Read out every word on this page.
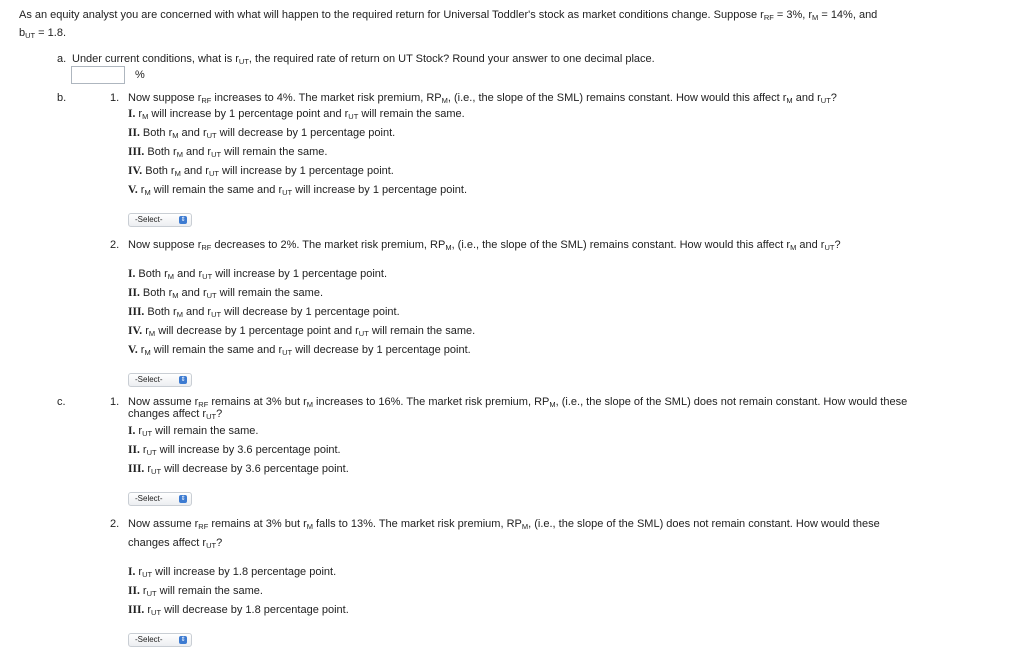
As an equity analyst you are concerned with what will happen to the required return for Universal Toddler's stock as market conditions change. Suppose $r_{RF} = 3\%$, $r_M = 14\%$, and
$b_{UT} = 1.8$.
a. Under current conditions, what is $r_{UT}$, the required rate of return on UT Stock? Round your answer to one decimal place.
%
b.	1. Now suppose $r_{RF}$ increases to 4%. The market risk premium, $RP_M$, (i.e., the slope of the SML) remains constant. How would this affect $r_M$ and $r_{UT}$?
I. $r_M$ will increase by 1 percentage point and $r_{UT}$ will remain the same.
II. Both $r_M$ and $r_{UT}$ will decrease by 1 percentage point.
III. Both $r_M$ and $r_{UT}$ will remain the same.
IV. Both $r_M$ and $r_{UT}$ will increase by 1 percentage point.
V. $r_M$ will remain the same and $r_{UT}$ will increase by 1 percentage point.
-Select-	⇕
2. Now suppose $r_{RF}$ decreases to 2%. The market risk premium, $RP_M$, (i.e., the slope of the SML) remains constant. How would this affect $r_M$ and $r_{UT}$?
I. Both $r_M$ and $r_{UT}$ will increase by 1 percentage point.
II. Both $r_M$ and $r_{UT}$ will remain the same.
III. Both $r_M$ and $r_{UT}$ will decrease by 1 percentage point.
IV. $r_M$ will decrease by 1 percentage point and $r_{UT}$ will remain the same.
V. $r_M$ will remain the same and $r_{UT}$ will decrease by 1 percentage point.
-Select-	⇕
c.	1. Now assume $r_{RF}$ remains at 3% but $r_M$ increases to 16%. The market risk premium, $RP_M$, (i.e., the slope of the SML) does not remain constant. How would these
changes affect $r_{UT}$?
I. $r_{UT}$ will remain the same.
II. $r_{UT}$ will increase by 3.6 percentage point.
III. $r_{UT}$ will decrease by 3.6 percentage point.
-Select-	⇕
2. Now assume $r_{RF}$ remains at 3% but $r_M$ falls to 13%. The market risk premium, $RP_M$, (i.e., the slope of the SML) does not remain constant. How would these
changes affect $r_{UT}$?
I. $r_{UT}$ will increase by 1.8 percentage point.
II. $r_{UT}$ will remain the same.
III. $r_{UT}$ will decrease by 1.8 percentage point.
-Select-	⇕
